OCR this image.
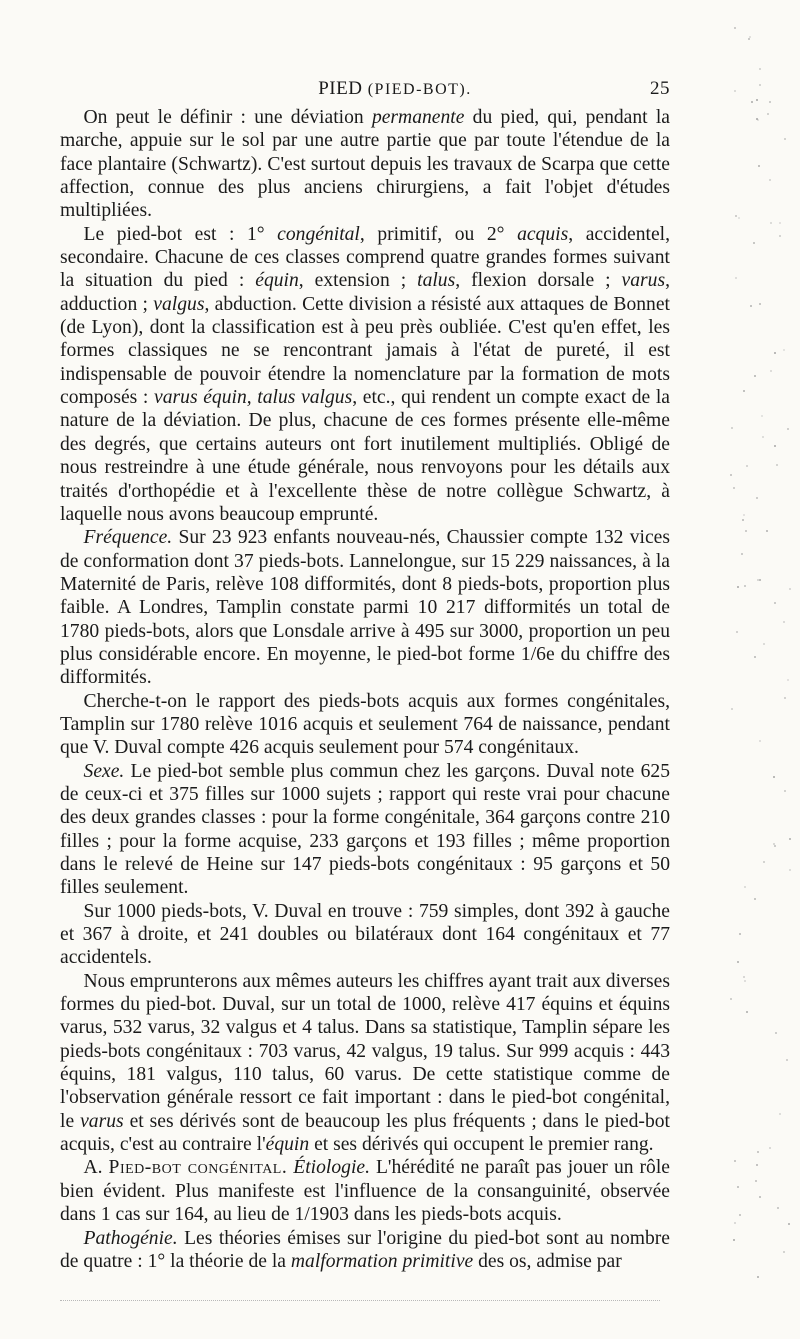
PIED (PIED-BOT).	25

On peut le définir : une déviation permanente du pied, qui, pendant la marche, appuie sur le sol par une autre partie que par toute l'étendue de la face plantaire (Schwartz). C'est surtout depuis les travaux de Scarpa que cette affection, connue des plus anciens chirurgiens, a fait l'objet d'études multipliées.

Le pied-bot est : 1° congénital, primitif, ou 2° acquis, accidentel, secondaire. Chacune de ces classes comprend quatre grandes formes suivant la situation du pied : équin, extension ; talus, flexion dorsale ; varus, adduction ; valgus, abduction. Cette division a résisté aux attaques de Bonnet (de Lyon), dont la classification est à peu près oubliée. C'est qu'en effet, les formes classiques ne se rencontrant jamais à l'état de pureté, il est indispensable de pouvoir étendre la nomenclature par la formation de mots composés : varus équin, talus valgus, etc., qui rendent un compte exact de la nature de la déviation. De plus, chacune de ces formes présente elle-même des degrés, que certains auteurs ont fort inutilement multipliés. Obligé de nous restreindre à une étude générale, nous renvoyons pour les détails aux traités d'orthopédie et à l'excellente thèse de notre collègue Schwartz, à laquelle nous avons beaucoup emprunté.

Fréquence. Sur 23 923 enfants nouveau-nés, Chaussier compte 132 vices de conformation dont 37 pieds-bots. Lannelongue, sur 15 229 naissances, à la Maternité de Paris, relève 108 difformités, dont 8 pieds-bots, proportion plus faible. A Londres, Tamplin constate parmi 10 217 difformités un total de 1780 pieds-bots, alors que Lonsdale arrive à 495 sur 3000, proportion un peu plus considérable encore. En moyenne, le pied-bot forme 1/6e du chiffre des difformités.

Cherche-t-on le rapport des pieds-bots acquis aux formes congénitales, Tamplin sur 1780 relève 1016 acquis et seulement 764 de naissance, pendant que V. Duval compte 426 acquis seulement pour 574 congénitaux.

Sexe. Le pied-bot semble plus commun chez les garçons. Duval note 625 de ceux-ci et 375 filles sur 1000 sujets ; rapport qui reste vrai pour chacune des deux grandes classes : pour la forme congénitale, 364 garçons contre 210 filles ; pour la forme acquise, 233 garçons et 193 filles ; même proportion dans le relevé de Heine sur 147 pieds-bots congénitaux : 95 garçons et 50 filles seulement.

Sur 1000 pieds-bots, V. Duval en trouve : 759 simples, dont 392 à gauche et 367 à droite, et 241 doubles ou bilatéraux dont 164 congénitaux et 77 accidentels.

Nous emprunterons aux mêmes auteurs les chiffres ayant trait aux diverses formes du pied-bot. Duval, sur un total de 1000, relève 417 équins et équins varus, 532 varus, 32 valgus et 4 talus. Dans sa statistique, Tamplin sépare les pieds-bots congénitaux : 703 varus, 42 valgus, 19 talus. Sur 999 acquis : 443 équins, 181 valgus, 110 talus, 60 varus. De cette statistique comme de l'observation générale ressort ce fait important : dans le pied-bot congénital, le varus et ses dérivés sont de beaucoup les plus fréquents ; dans le pied-bot acquis, c'est au contraire l'équin et ses dérivés qui occupent le premier rang.

A. Pied-bot congénital. Étiologie. L'hérédité ne paraît pas jouer un rôle bien évident. Plus manifeste est l'influence de la consanguinité, observée dans 1 cas sur 164, au lieu de 1/1903 dans les pieds-bots acquis.

Pathogénie. Les théories émises sur l'origine du pied-bot sont au nombre de quatre : 1° la théorie de la malformation primitive des os, admise par
